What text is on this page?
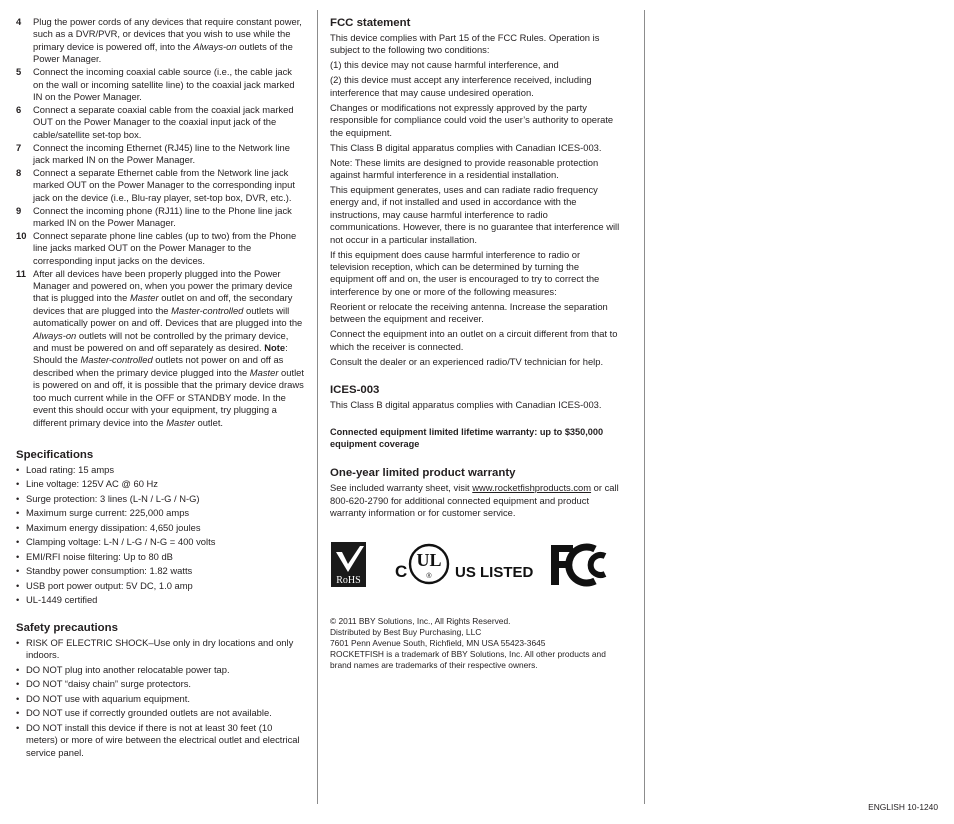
4	Plug the power cords of any devices that require constant power, such as a DVR/PVR, or devices that you wish to use while the primary device is powered off, into the Always-on outlets of the Power Manager.
5	Connect the incoming coaxial cable source (i.e., the cable jack on the wall or incoming satellite line) to the coaxial jack marked IN on the Power Manager.
6	Connect a separate coaxial cable from the coaxial jack marked OUT on the Power Manager to the coaxial input jack of the cable/satellite set-top box.
7	Connect the incoming Ethernet (RJ45) line to the Network line jack marked IN on the Power Manager.
8	Connect a separate Ethernet cable from the Network line jack marked OUT on the Power Manager to the corresponding input jack on the device (i.e., Blu-ray player, set-top box, DVR, etc.).
9	Connect the incoming phone (RJ11) line to the Phone line jack marked IN on the Power Manager.
10 Connect separate phone line cables (up to two) from the Phone line jacks marked OUT on the Power Manager to the corresponding input jacks on the devices.
11 After all devices have been properly plugged into the Power Manager and powered on, when you power the primary device that is plugged into the Master outlet on and off, the secondary devices that are plugged into the Master-controlled outlets will automatically power on and off. Devices that are plugged into the Always-on outlets will not be controlled by the primary device, and must be powered on and off separately as desired. Note: Should the Master-controlled outlets not power on and off as described when the primary device plugged into the Master outlet is powered on and off, it is possible that the primary device draws too much current while in the OFF or STANDBY mode. In the event this should occur with your equipment, try plugging a different primary device into the Master outlet.
Specifications
• Load rating: 15 amps
• Line voltage: 125V AC @ 60 Hz
• Surge protection: 3 lines (L-N / L-G / N-G)
• Maximum surge current: 225,000 amps
• Maximum energy dissipation: 4,650 joules
• Clamping voltage: L-N / L-G / N-G = 400 volts
• EMI/RFI noise filtering: Up to 80 dB
• Standby power consumption: 1.82 watts
• USB port power output: 5V DC, 1.0 amp
• UL-1449 certified
Safety precautions
• RISK OF ELECTRIC SHOCK–Use only in dry locations and only indoors.
• DO NOT plug into another relocatable power tap.
• DO NOT “daisy chain” surge protectors.
• DO NOT use with aquarium equipment.
• DO NOT use if correctly grounded outlets are not available.
• DO NOT install this device if there is not at least 30 feet (10 meters) or more of wire between the electrical outlet and electrical service panel.
FCC statement

This device complies with Part 15 of the FCC Rules. Operation is subject to the following two conditions:

(1) this device may not cause harmful interference, and

(2) this device must accept any interference received, including interference that may cause undesired operation.

Changes or modifications not expressly approved by the party responsible for compliance could void the user’s authority to operate the equipment.

This Class B digital apparatus complies with Canadian ICES-003.

Note: These limits are designed to provide reasonable protection against harmful interference in a residential installation.

This equipment generates, uses and can radiate radio frequency energy and, if not installed and used in accordance with the instructions, may cause harmful interference to radio communications. However, there is no guarantee that interference will not occur in a particular installation.

If this equipment does cause harmful interference to radio or television reception, which can be determined by turning the equipment off and on, the user is encouraged to try to correct the interference by one or more of the following measures:

Reorient or relocate the receiving antenna. Increase the separation between the equipment and receiver.

Connect the equipment into an outlet on a circuit different from that to which the receiver is connected.

Consult the dealer or an experienced radio/TV technician for help.

ICES-003

This Class B digital apparatus complies with Canadian ICES-003.

Connected equipment limited lifetime warranty: up to $350,000 equipment coverage
One-year limited product warranty

See included warranty sheet, visit www.rocketfishproducts.com or call 800-620-2790 for additional connected equipment and product warranty information or for customer service.

RoHS C
UL
® US LISTED
FC
© 2011 BBY Solutions, Inc., All Rights Reserved.
Distributed by Best Buy Purchasing, LLC
7601 Penn Avenue South, Richfield, MN USA 55423-3645
ROCKETFISH is a trademark of BBY Solutions, Inc. All other products and
brand names are trademarks of their respective owners.
ENGLISH 10-1240
